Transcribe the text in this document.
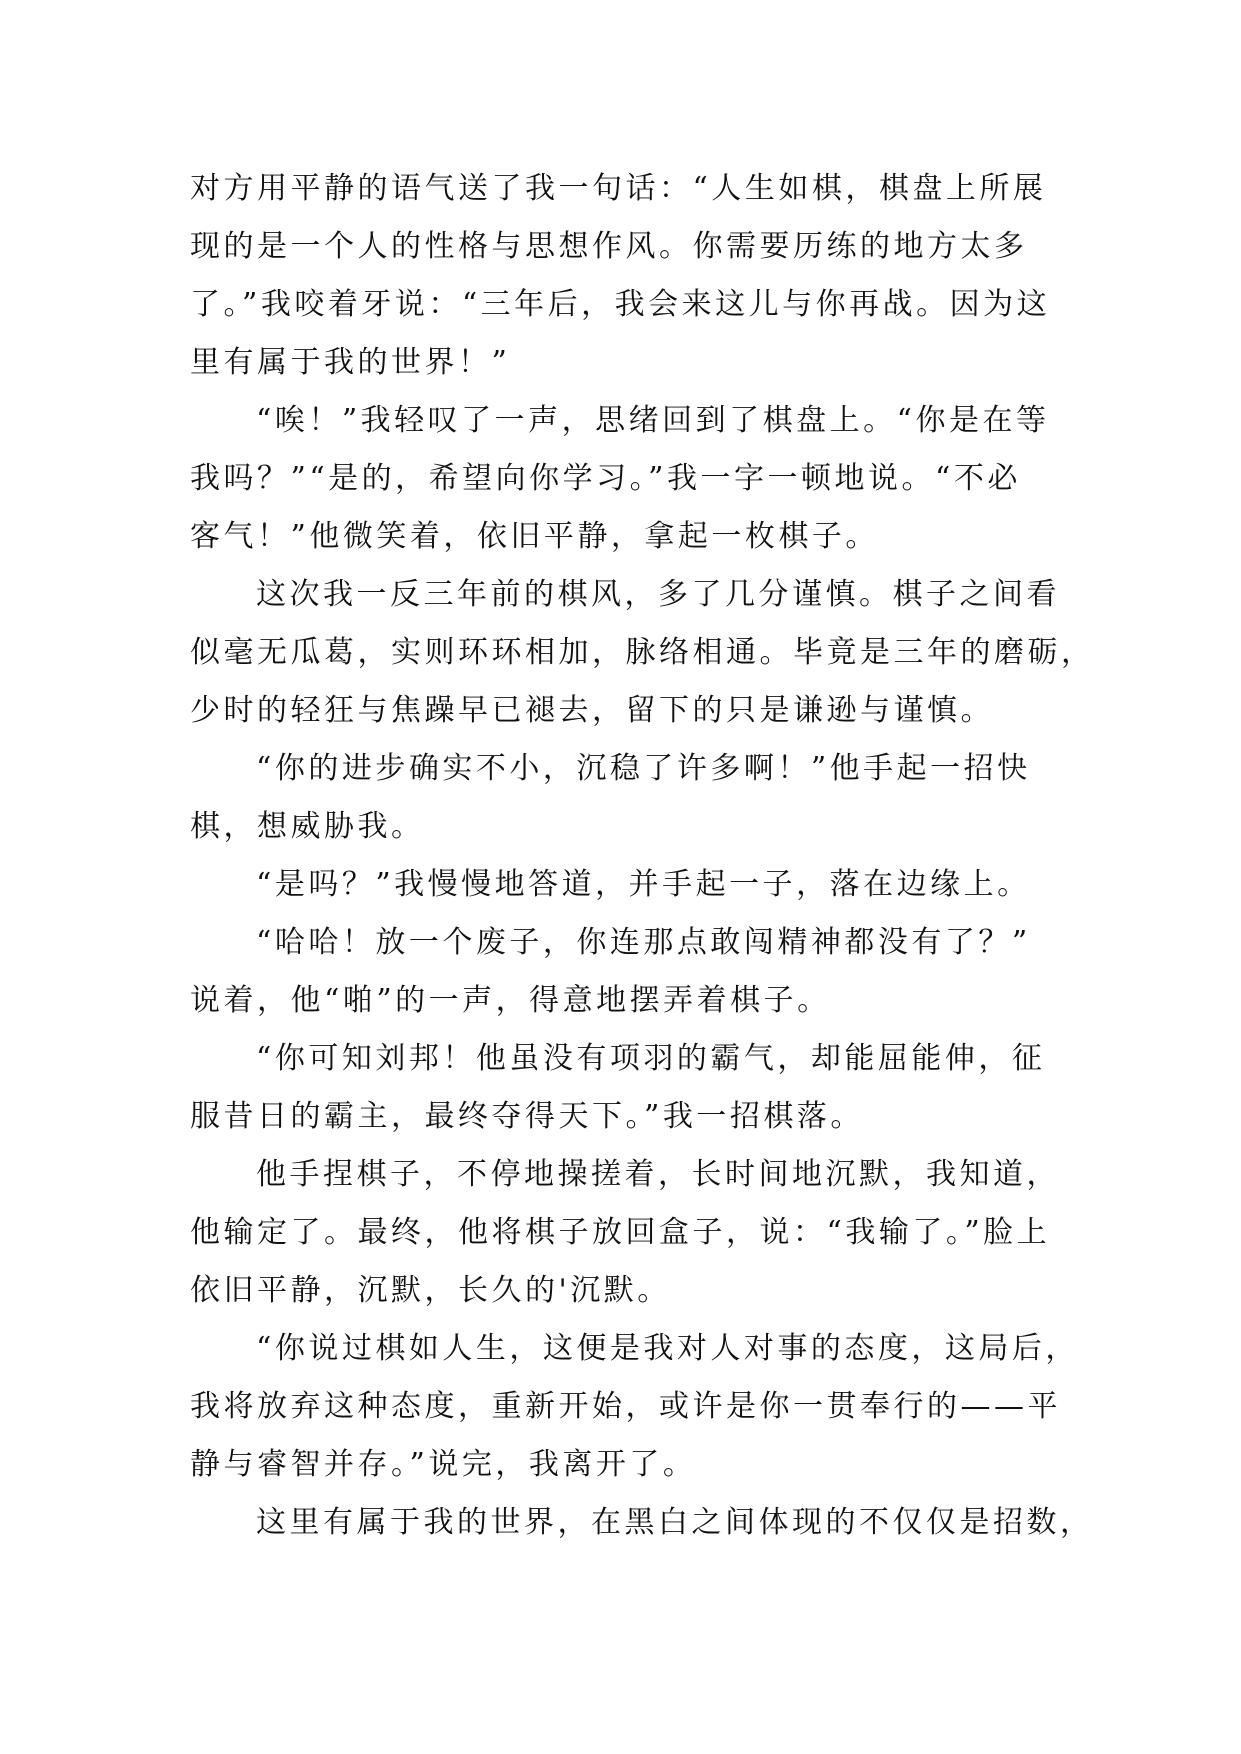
对方用平静的语气送了我一句话：“人生如棋，棋盘上所展

现的是一个人的性格与思想作风。你需要历练的地方太多

了。”我咬着牙说：“三年后，我会来这儿与你再战。因为这

里有属于我的世界！”

“唉！”我轻叹了一声，思绪回到了棋盘上。“你是在等

我吗？”“是的，希望向你学习。”我一字一顿地说。“不必

客气！”他微笑着，依旧平静，拿起一枚棋子。

这次我一反三年前的棋风，多了几分谨慎。棋子之间看

似毫无瓜葛，实则环环相加，脉络相通。毕竟是三年的磨砺，

少时的轻狂与焦躁早已褪去，留下的只是谦逊与谨慎。

“你的进步确实不小，沉稳了许多啊！”他手起一招快

棋，想威胁我。

“是吗？”我慢慢地答道，并手起一子，落在边缘上。

“哈哈！放一个废子，你连那点敢闯精神都没有了？”

说着，他“啪”的一声，得意地摆弄着棋子。

“你可知刘邦！他虽没有项羽的霸气，却能屈能伸，征

服昔日的霸主，最终夺得天下。”我一招棋落。

他手捏棋子，不停地操搓着，长时间地沉默，我知道，

他输定了。最终，他将棋子放回盒子，说：“我输了。”脸上

依旧平静，沉默，长久的'沉默。

“你说过棋如人生，这便是我对人对事的态度，这局后，

我将放弃这种态度，重新开始，或许是你一贯奉行的——平

静与睿智并存。”说完，我离开了。

这里有属于我的世界，在黑白之间体现的不仅仅是招数，
